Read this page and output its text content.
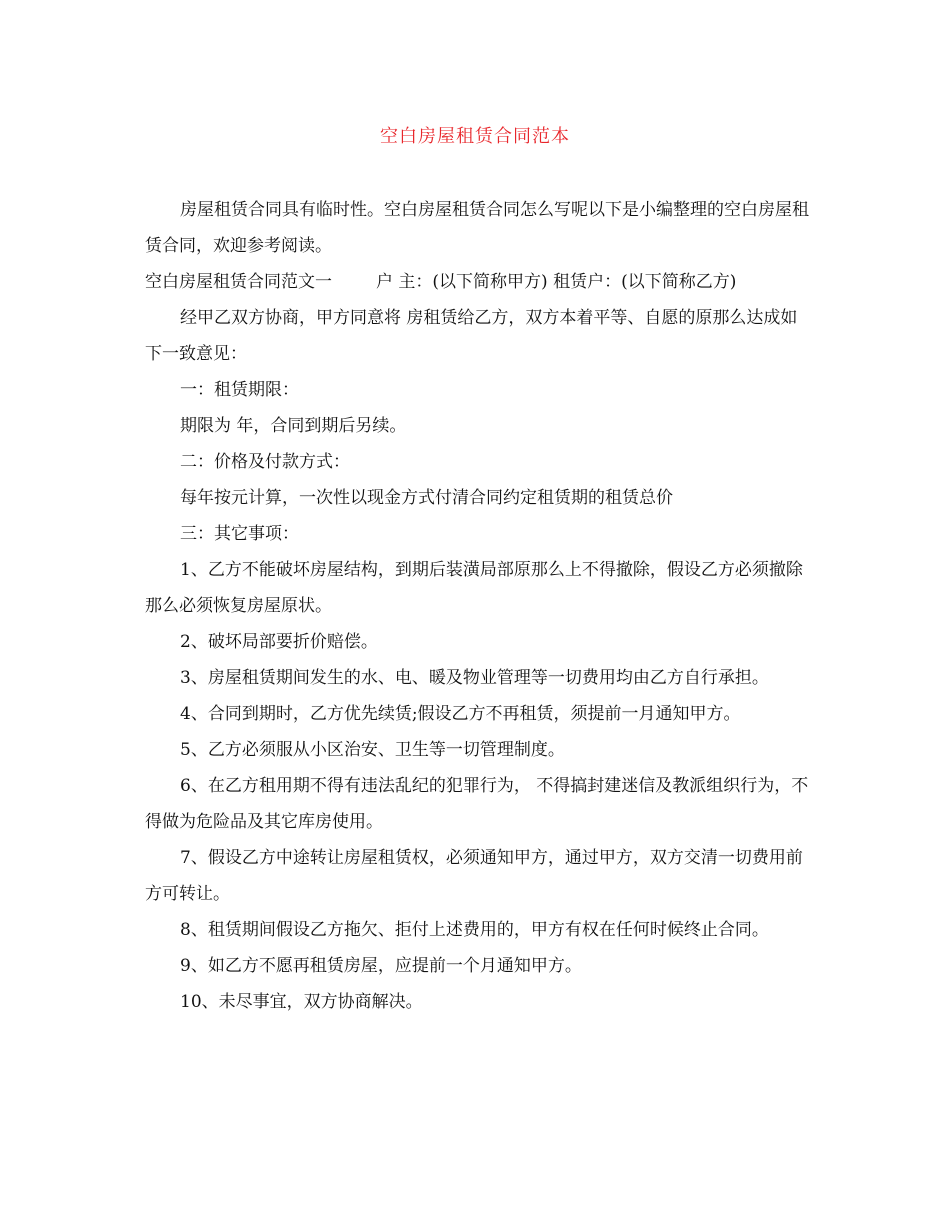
空白房屋租赁合同范本

房屋租赁合同具有临时性。空白房屋租赁合同怎么写呢以下是小编整理的空白房屋租赁合同，欢迎参考阅读。

空白房屋租赁合同范文一	户 主：(以下简称甲方) 租赁户：(以下简称乙方)

经甲乙双方协商，甲方同意将 房租赁给乙方，双方本着平等、自愿的原那么达成如下一致意见：

一：租赁期限：

期限为 年，合同到期后另续。

二：价格及付款方式：

每年按元计算，一次性以现金方式付清合同约定租赁期的租赁总价

三：其它事项：

1、乙方不能破坏房屋结构，到期后装潢局部原那么上不得撤除，假设乙方必须撤除那么必须恢复房屋原状。

2、破坏局部要折价赔偿。

3、房屋租赁期间发生的水、电、暖及物业管理等一切费用均由乙方自行承担。

4、合同到期时，乙方优先续赁;假设乙方不再租赁，须提前一月通知甲方。

5、乙方必须服从小区治安、卫生等一切管理制度。

6、在乙方租用期不得有违法乱纪的犯罪行为， 不得搞封建迷信及教派组织行为，不得做为危险品及其它库房使用。

7、假设乙方中途转让房屋租赁权，必须通知甲方，通过甲方，双方交清一切费用前方可转让。

8、租赁期间假设乙方拖欠、拒付上述费用的，甲方有权在任何时候终止合同。

9、如乙方不愿再租赁房屋，应提前一个月通知甲方。

10、未尽事宜，双方协商解决。
